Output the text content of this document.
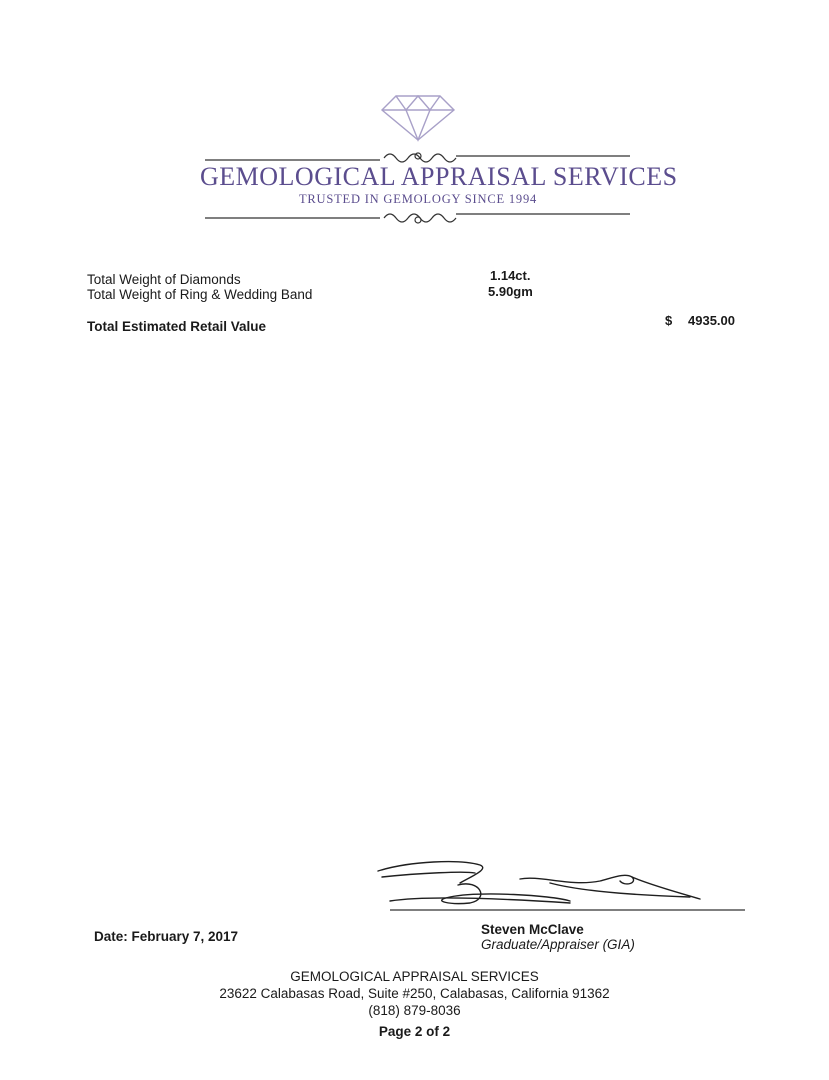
GEMOLOGICAL APPRAISAL SERVICES
TRUSTED IN GEMOLOGY SINCE 1994
Total Weight of Diamonds	1.14ct.
Total Weight of Ring & Wedding Band	5.90gm
Total Estimated Retail Value	$ 4935.00
Date: February 7, 2017	Steven McClave
Graduate/Appraiser (GIA)
GEMOLOGICAL APPRAISAL SERVICES
23622 Calabasas Road, Suite #250, Calabasas, California 91362
(818) 879-8036
Page 2 of 2
